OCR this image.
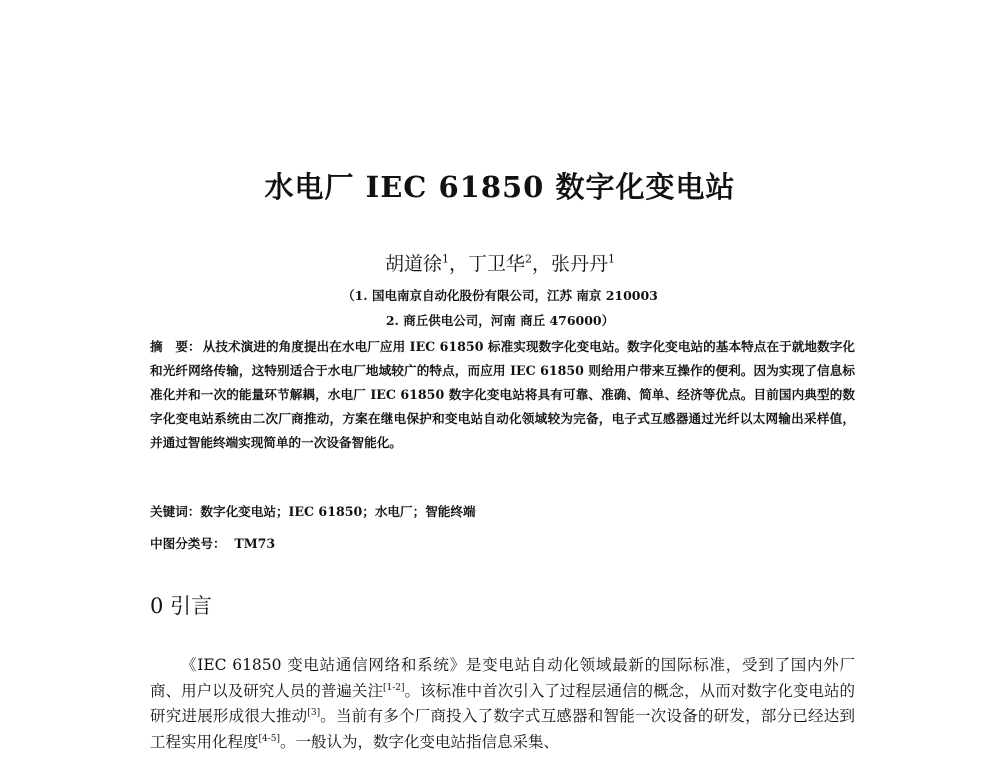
水电厂 IEC 61850 数字化变电站
胡道徐$^1$，丁卫华$^2$，张丹丹$^1$
（1. 国电南京自动化股份有限公司，江苏 南京 210003
2. 商丘供电公司，河南 商丘 476000）
摘　要： 从技术演进的角度提出在水电厂应用 IEC 61850 标准实现数字化变电站。数字化变电站的基本特点在于就地数字化和光纤网络传输，这特别适合于水电厂地域较广的特点，而应用 IEC 61850 则给用户带来互操作的便利。因为实现了信息标准化并和一次的能量环节解耦，水电厂 IEC 61850 数字化变电站将具有可靠、准确、简单、经济等优点。目前国内典型的数字化变电站系统由二次厂商推动，方案在继电保护和变电站自动化领域较为完备，电子式互感器通过光纤以太网输出采样值，并通过智能终端实现简单的一次设备智能化。
关键词：数字化变电站；IEC 61850；水电厂；智能终端
中图分类号： TM73
0 引言
《IEC 61850 变电站通信网络和系统》是变电站自动化领域最新的国际标准，受到了国内外厂商、用户以及研究人员的普遍关注[1-2]。该标准中首次引入了过程层通信的概念，从而对数字化变电站的研究进展形成很大推动[3]。当前有多个厂商投入了数字式互感器和智能一次设备的研发，部分已经达到工程实用化程度[4-5]。一般认为，数字化变电站指信息采集、
